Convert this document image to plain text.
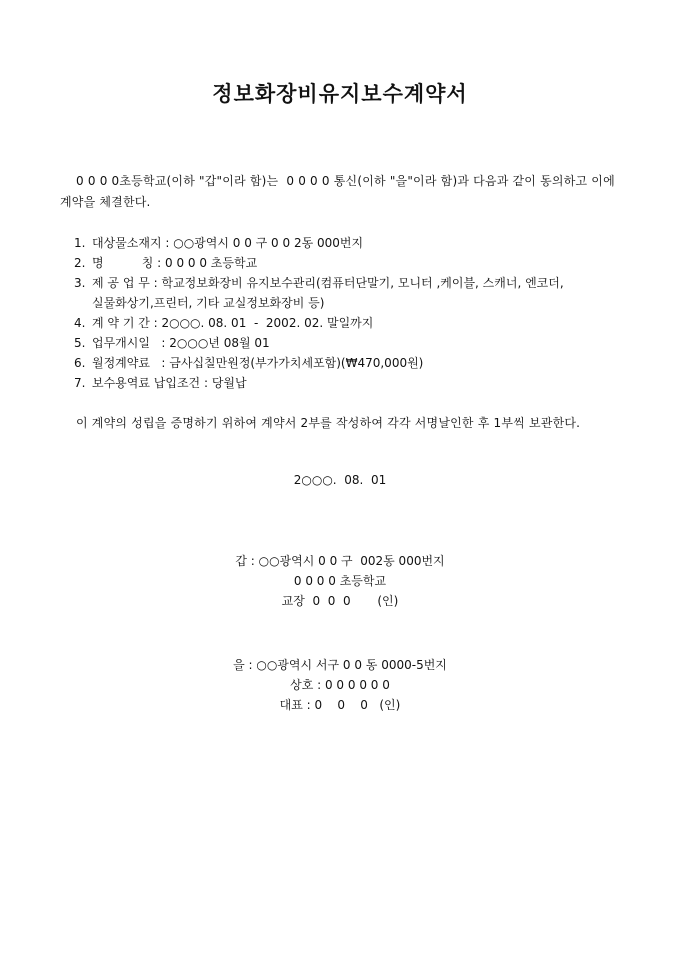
정보화장비유지보수계약서
0 0 0 0초등학교(이하 "갑"이라 함)는  0 0 0 0 통신(이하 "을"이라 함)과 다음과 같이 동의하고 이에 계약을 체결한다.
1. 대상물소재지 : ○○광역시 0 0 구 0 0 2동 000번지
2. 명          칭 : 0 0 0 0 초등학교
3. 제 공 업 무 : 학교정보화장비 유지보수관리(컴퓨터단말기, 모니터 ,케이블, 스캐너, 엔코더,
실물화상기,프린터, 기타 교실정보화장비 등)
4. 계 약 기 간 : 2○○○. 08. 01  -  2002. 02. 말일까지
5. 업무개시일   : 2○○○년 08월 01
6. 월정계약료   : 금사십칠만원정(부가가치세포함)(₩470,000원)
7. 보수용역료 납입조건 : 당월납
이 계약의 성립을 증명하기 위하여 계약서 2부를 작성하여 각각 서명날인한 후 1부씩 보관한다.
2○○○.  08.  01
갑 : ○○광역시 0 0 구  002동 000번지
0 0 0 0 초등학교
교장  0  0  0       (인)
을 : ○○광역시 서구 0 0 동 0000-5번지
상호 : 0 0 0 0 0 0
대표 : 0    0    0   (인)
